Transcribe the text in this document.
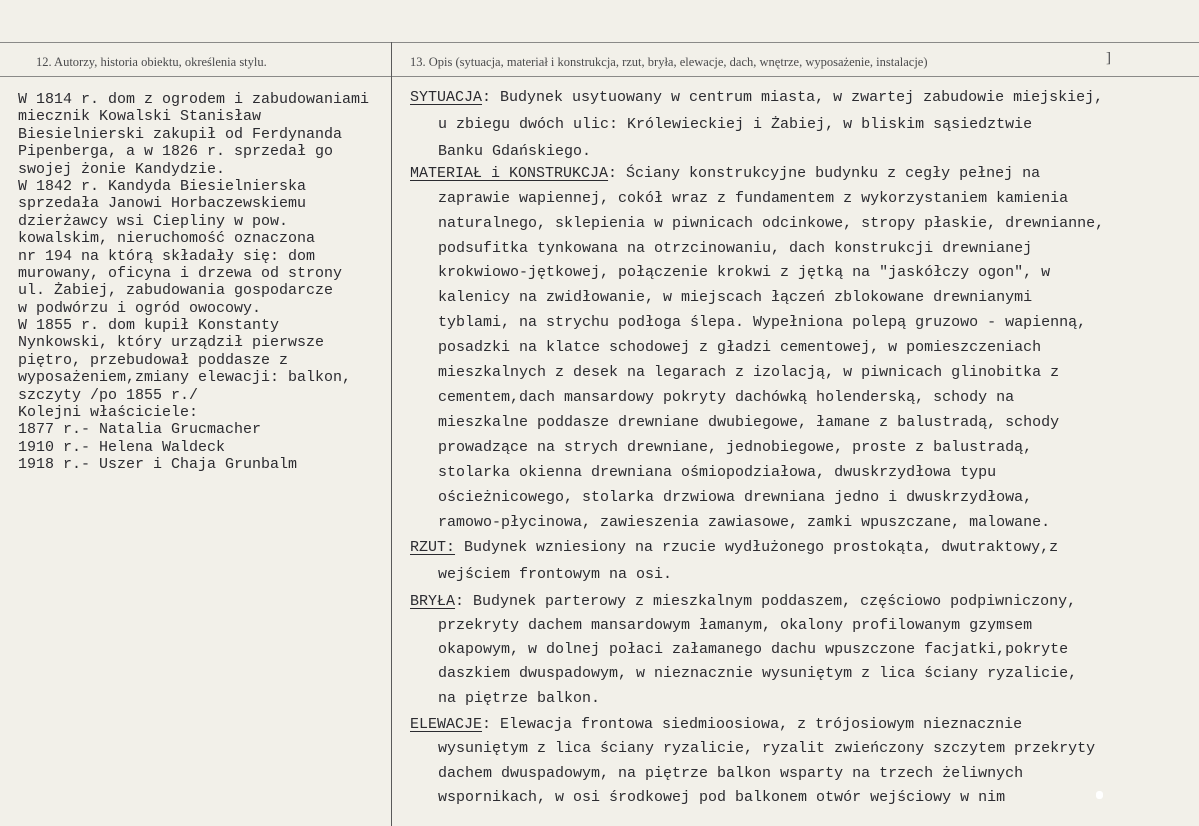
12. Autorzy, historia obiektu, określenia stylu.	13. Opis (sytuacja, materiał i konstrukcja, rzut, bryła, elewacje, dach, wnętrze, wyposażenie, instalacje)	]
W 1814 r. dom z ogrodem i zabudowaniami
miecznik Kowalski Stanisław
Biesielnierski zakupił od Ferdynanda
Pipenberga, a w 1826 r. sprzedał go
swojej żonie Kandydzie.
W 1842 r. Kandyda Biesielnierska
sprzedała Janowi Horbaczewskiemu
dzierżawcy wsi Ciepliny w pow.
kowalskim, nieruchomość oznaczona
nr 194 na którą składały się: dom
murowany, oficyna i drzewa od strony
ul. Żabiej, zabudowania gospodarcze
w podwórzu i ogród owocowy.
W 1855 r. dom kupił Konstanty
Nynkowski, który urządził pierwsze
piętro, przebudował poddasze z
wyposażeniem,zmiany elewacji: balkon,
szczyty /po 1855 r./
Kolejni właściciele:
1877 r.- Natalia Grucmacher
1910 r.- Helena Waldeck
1918 r.- Uszer i Chaja Grunbalm
SYTUACJA: Budynek usytuowany w centrum miasta, w zwartej zabudowie miejskiej,
u zbiegu dwóch ulic: Królewieckiej i Żabiej, w bliskim sąsiedztwie
Banku Gdańskiego.
MATERIAŁ i KONSTRUKCJA: Ściany konstrukcyjne budynku z cegły pełnej na
zaprawie wapiennej, cokół wraz z fundamentem z wykorzystaniem kamienia
naturalnego, sklepienia w piwnicach odcinkowe, stropy płaskie, drewnianne,
podsufitka tynkowana na otrzcinowaniu, dach konstrukcji drewnianej
krokwiowo-jętkowej, połączenie krokwi z jętką na "jaskółczy ogon", w
kalenicy na zwidłowanie, w miejscach łączeń zblokowane drewnianymi
tyblami, na strychu podłoga ślepa. Wypełniona polepą gruzowo - wapienną,
posadzki na klatce schodowej z gładzi cementowej, w pomieszczeniach
mieszkalnych z desek na legarach z izolacją, w piwnicach glinobitka z
cementem,dach mansardowy pokryty dachówką holenderską, schody na
mieszkalne poddasze drewniane dwubiegowe, łamane z balustradą, schody
prowadzące na strych drewniane, jednobiegowe, proste z balustradą,
stolarka okienna drewniana ośmiopodziałowa, dwuskrzydłowa typu
ościeżnicowego, stolarka drzwiowa drewniana jedno i dwuskrzydłowa,
ramowo-płycinowa, zawieszenia zawiasowe, zamki wpuszczane, malowane.
RZUT: Budynek wzniesiony na rzucie wydłużonego prostokąta, dwutraktowy,z
wejściem frontowym na osi.
BRYŁA: Budynek parterowy z mieszkalnym poddaszem, częściowo podpiwniczony,
przekryty dachem mansardowym łamanym, okalony profilowanym gzymsem
okapowym, w dolnej połaci załamanego dachu wpuszczone facjatki,pokryte
daszkiem dwuspadowym, w nieznacznie wysuniętym z lica ściany ryzalicie,
na piętrze balkon.
ELEWACJE: Elewacja frontowa siedmioosiowa, z trójosiowym nieznacznie
wysuniętym z lica ściany ryzalicie, ryzalit zwieńczony szczytem przekryty
dachem dwuspadowym, na piętrze balkon wsparty na trzech żeliwnych
wspornikach, w osi środkowej pod balkonem otwór wejściowy w nim
